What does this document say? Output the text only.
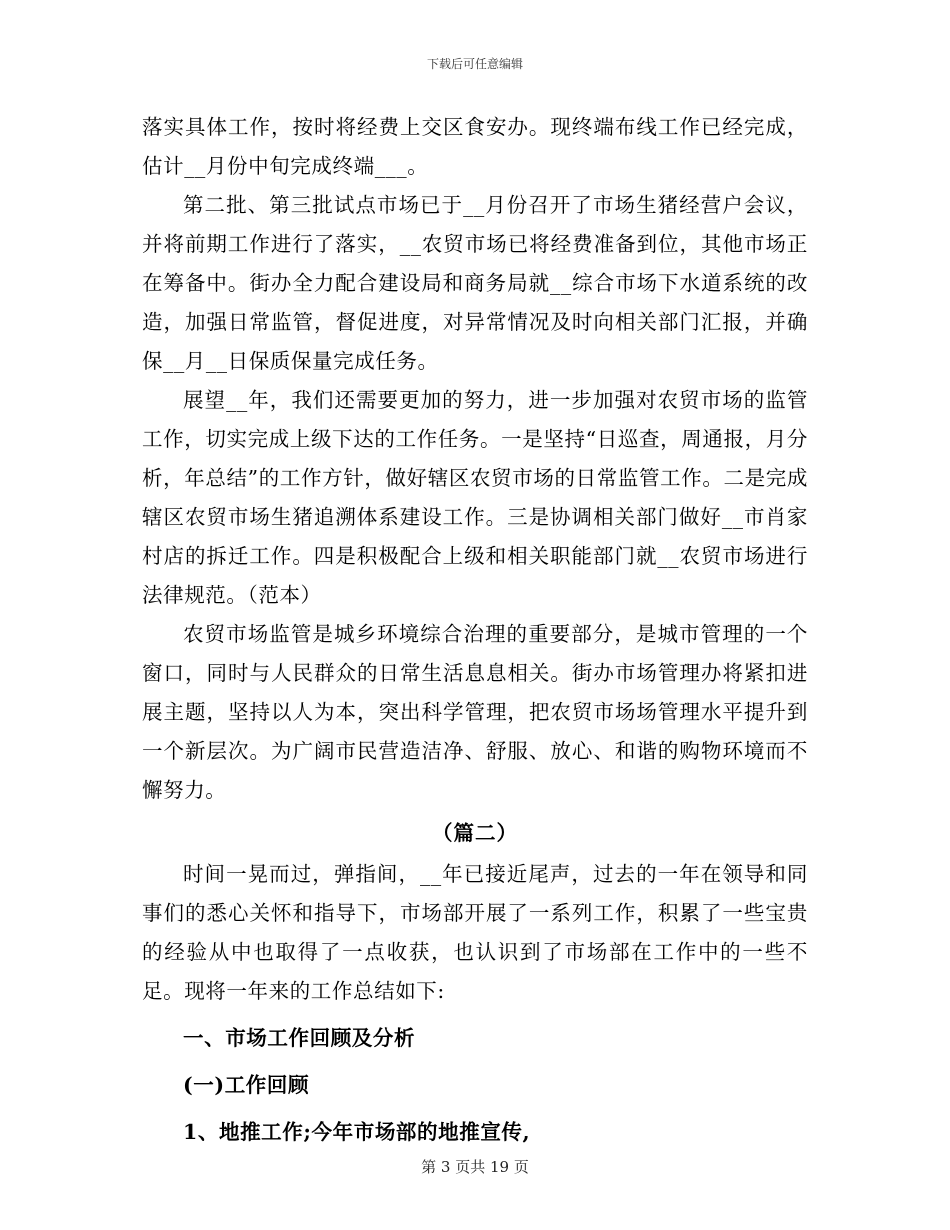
下载后可任意编辑

落实具体工作，按时将经费上交区食安办。现终端布线工作已经完成，估计__月份中旬完成终端___。

第二批、第三批试点市场已于__月份召开了市场生猪经营户会议，并将前期工作进行了落实，__农贸市场已将经费准备到位，其他市场正在筹备中。街办全力配合建设局和商务局就__综合市场下水道系统的改造，加强日常监管，督促进度，对异常情况及时向相关部门汇报，并确保__月__日保质保量完成任务。

展望__年，我们还需要更加的努力，进一步加强对农贸市场的监管工作，切实完成上级下达的工作任务。一是坚持“日巡查，周通报，月分析，年总结”的工作方针，做好辖区农贸市场的日常监管工作。二是完成辖区农贸市场生猪追溯体系建设工作。三是协调相关部门做好__市肖家村店的拆迁工作。四是积极配合上级和相关职能部门就__农贸市场进行法律规范。（范本）

农贸市场监管是城乡环境综合治理的重要部分，是城市管理的一个窗口，同时与人民群众的日常生活息息相关。街办市场管理办将紧扣进展主题，坚持以人为本，突出科学管理，把农贸市场场管理水平提升到一个新层次。为广阔市民营造洁净、舒服、放心、和谐的购物环境而不懈努力。

（篇二）

时间一晃而过，弹指间，__年已接近尾声，过去的一年在领导和同事们的悉心关怀和指导下，市场部开展了一系列工作，积累了一些宝贵的经验从中也取得了一点收获，也认识到了市场部在工作中的一些不足。现将一年来的工作总结如下:

一、市场工作回顾及分析

(一)工作回顾

1、地推工作;今年市场部的地推宣传,

第 3 页共 19 页
